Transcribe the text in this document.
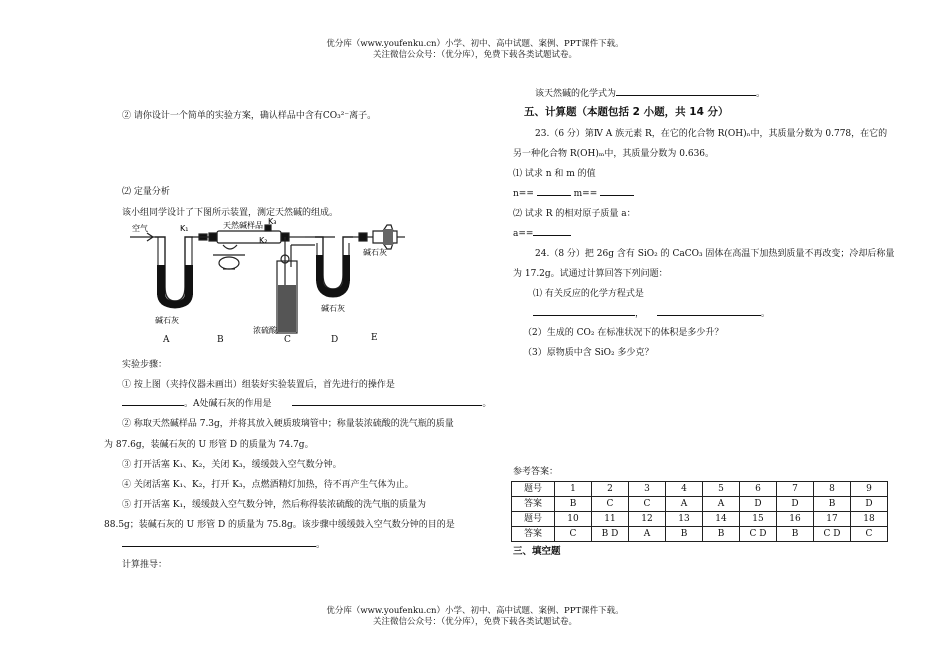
优分库（www.youfenku.cn）小学、初中、高中试题、案例、PPT课件下载。
关注微信公众号：（优分库），免费下载各类试题试卷。
② 请你设计一个简单的实验方案，确认样品中含有CO₃²⁻离子。
⑵ 定量分析
该小组同学设计了下图所示装置，测定天然碱的组成。
空气	K₁
K₂
K₃
天然碱样品
碱石灰
碱石灰
碱石灰
浓硫酸
A	B	C	D	E
实验步骤：
① 按上图（夹持仪器未画出）组装好实验装置后，首先进行的操作是
。A处碱石灰的作用是	。
② 称取天然碱样品 7.3g，并将其放入硬质玻璃管中；称量装浓硫酸的洗气瓶的质量
为 87.6g，装碱石灰的 U 形管 D 的质量为 74.7g。
③ 打开活塞 K₁、K₂，关闭 K₃，缓缓鼓入空气数分钟。
④ 关闭活塞 K₁、K₂，打开 K₃，点燃酒精灯加热，待不再产生气体为止。
⑤ 打开活塞 K₁，缓缓鼓入空气数分钟，然后称得装浓硫酸的洗气瓶的质量为
88.5g；装碱石灰的 U 形管 D 的质量为 75.8g。该步骤中缓缓鼓入空气数分钟的目的是
。
计算推导：
该天然碱的化学式为	。
五、计算题（本题包括 2 小题，共 14 分）
23.（6 分）第Ⅳ A 族元素 R，在它的化合物 R(OH)ₙ中，其质量分数为 0.778，在它的
另一种化合物 R(OH)ₘ中，其质量分数为 0.636。
⑴ 试求 n 和 m 的值
n==	m==
⑵ 试求 R 的相对原子质量 a：
a==
24.（8 分）把 26g 含有 SiO₂ 的 CaCO₃ 固体在高温下加热到质量不再改变；冷却后称量
为 17.2g。试通过计算回答下列问题：
⑴ 有关反应的化学方程式是
，	。
（2）生成的 CO₂ 在标准状况下的体积是多少升？
（3）原物质中含 SiO₂ 多少克？
参考答案：
题号	1	2	3	4	5	6	7	8	9
答案	B	C	C	A	A	D	D	B	D
题号	10	11	12	13	14	15	16	17	18
答案	C	B D	A	B	B	C D	B	C D	C
三、填空题
优分库（www.youfenku.cn）小学、初中、高中试题、案例、PPT课件下载。
关注微信公众号：（优分库），免费下载各类试题试卷。
